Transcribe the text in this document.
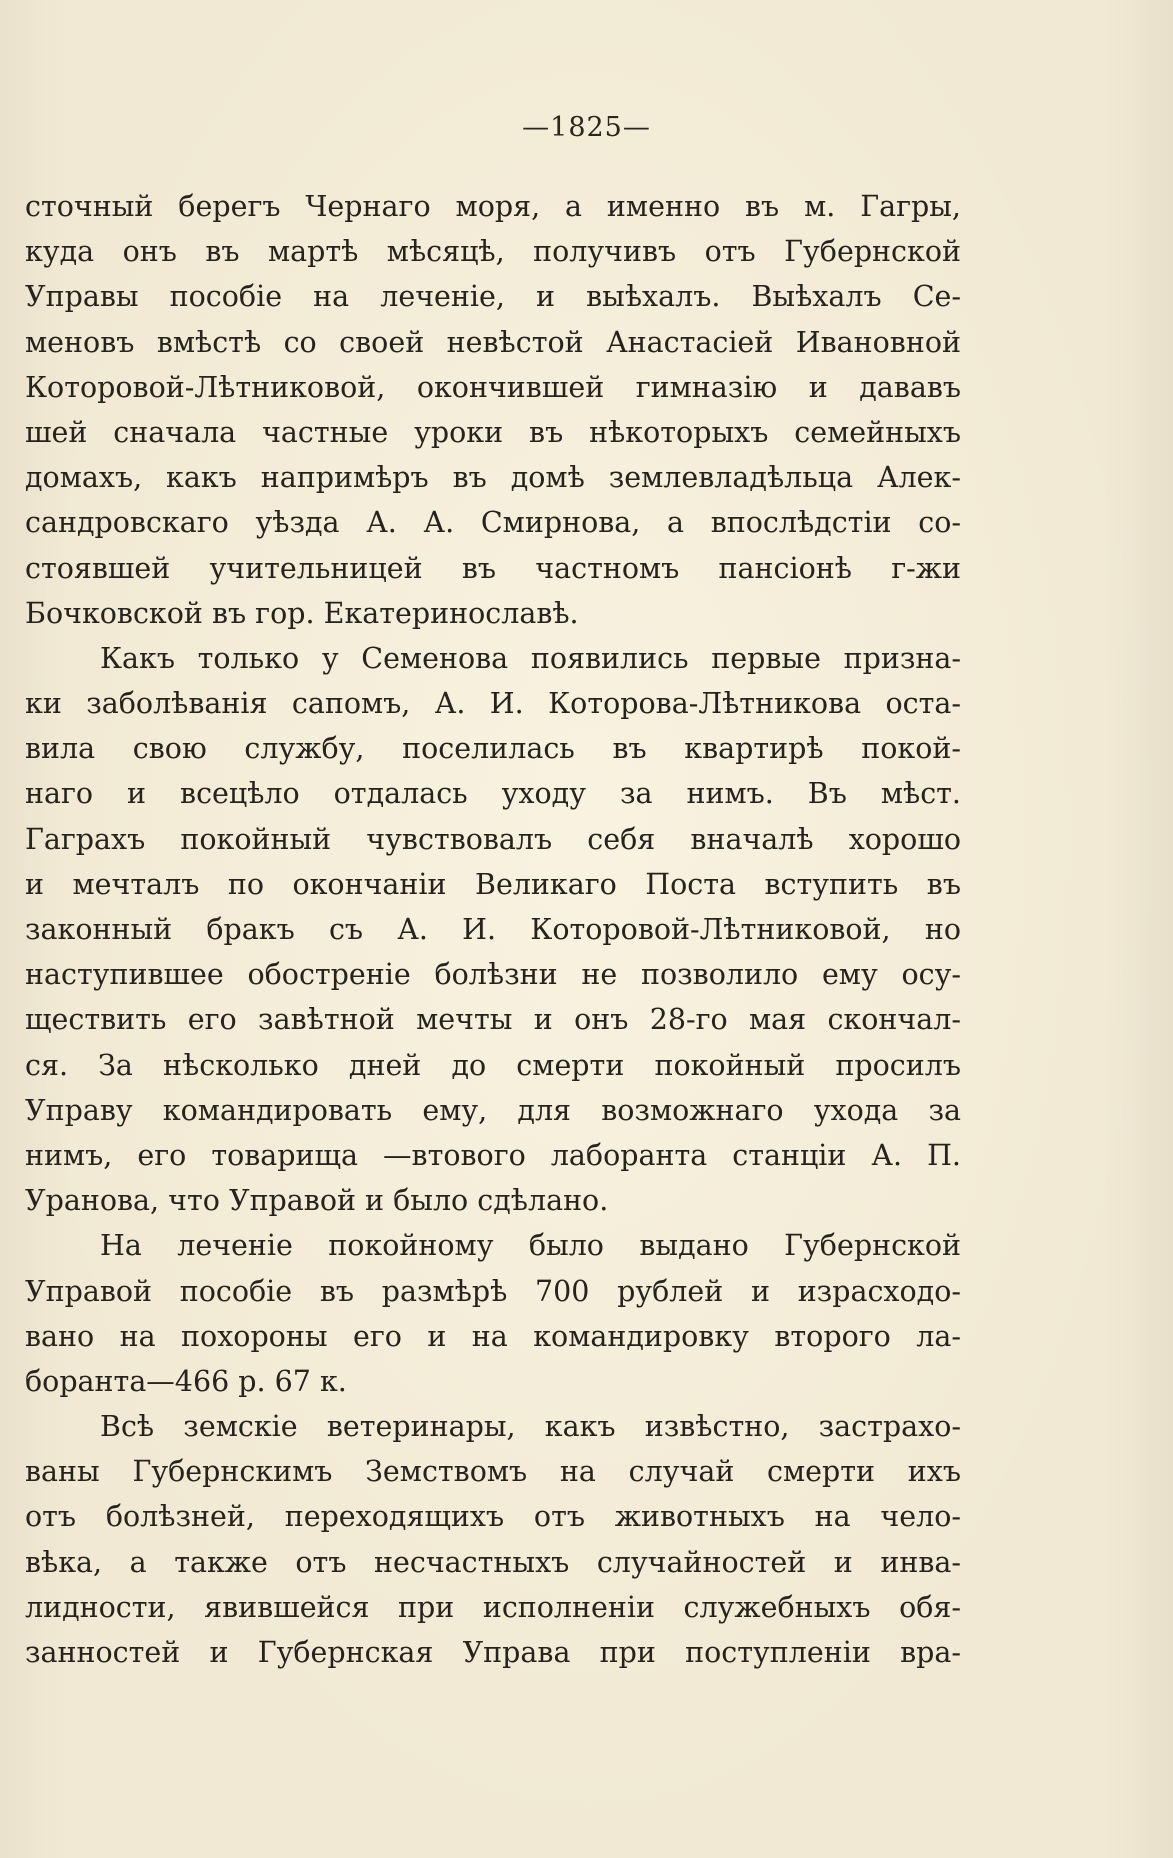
—1825—
сточный берегъ Чернаго моря, а именно въ м. Гагры,
куда онъ въ мартѣ мѣсяцѣ, получивъ отъ Губернской
Управы пособіе на леченіе, и выѣхалъ. Выѣхалъ Се-
меновъ вмѣстѣ со своей невѣстой Анастасіей Ивановной
Которовой-Лѣтниковой, окончившей гимназію и дававъ
шей сначала частные уроки въ нѣкоторыхъ семейныхъ
домахъ, какъ напримѣръ въ домѣ землевладѣльца Алек-
сандровскаго уѣзда А. А. Смирнова, а впослѣдстіи со-
стоявшей учительницей въ частномъ пансіонѣ г-жи
Бочковской въ гор. Екатеринославѣ.
Какъ только у Семенова появились первые призна-
ки заболѣванія сапомъ, А. И. Которова-Лѣтникова оста-
вила свою службу, поселилась въ квартирѣ покой-
наго и всецѣло отдалась уходу за нимъ. Въ мѣст.
Гаграхъ покойный чувствовалъ себя вначалѣ хорошо
и мечталъ по окончаніи Великаго Поста вступить въ
законный бракъ съ А. И. Которовой-Лѣтниковой, но
наступившее обостреніе болѣзни не позволило ему осу-
ществить его завѣтной мечты и онъ 28-го мая скончал-
ся. За нѣсколько дней до смерти покойный просилъ
Управу командировать ему, для возможнаго ухода за
нимъ, его товарища —втового лаборанта станціи А. П.
Уранова, что Управой и было сдѣлано.
На леченіе покойному было выдано Губернской
Управой пособіе въ размѣрѣ 700 рублей и израсходо-
вано на похороны его и на командировку второго ла-
боранта—466 р. 67 к.
Всѣ земскіе ветеринары, какъ извѣстно, застрахо-
ваны Губернскимъ Земствомъ на случай смерти ихъ
отъ болѣзней, переходящихъ отъ животныхъ на чело-
вѣка, а также отъ несчастныхъ случайностей и инва-
лидности, явившейся при исполненіи служебныхъ обя-
занностей и Губернская Управа при поступленіи вра-
